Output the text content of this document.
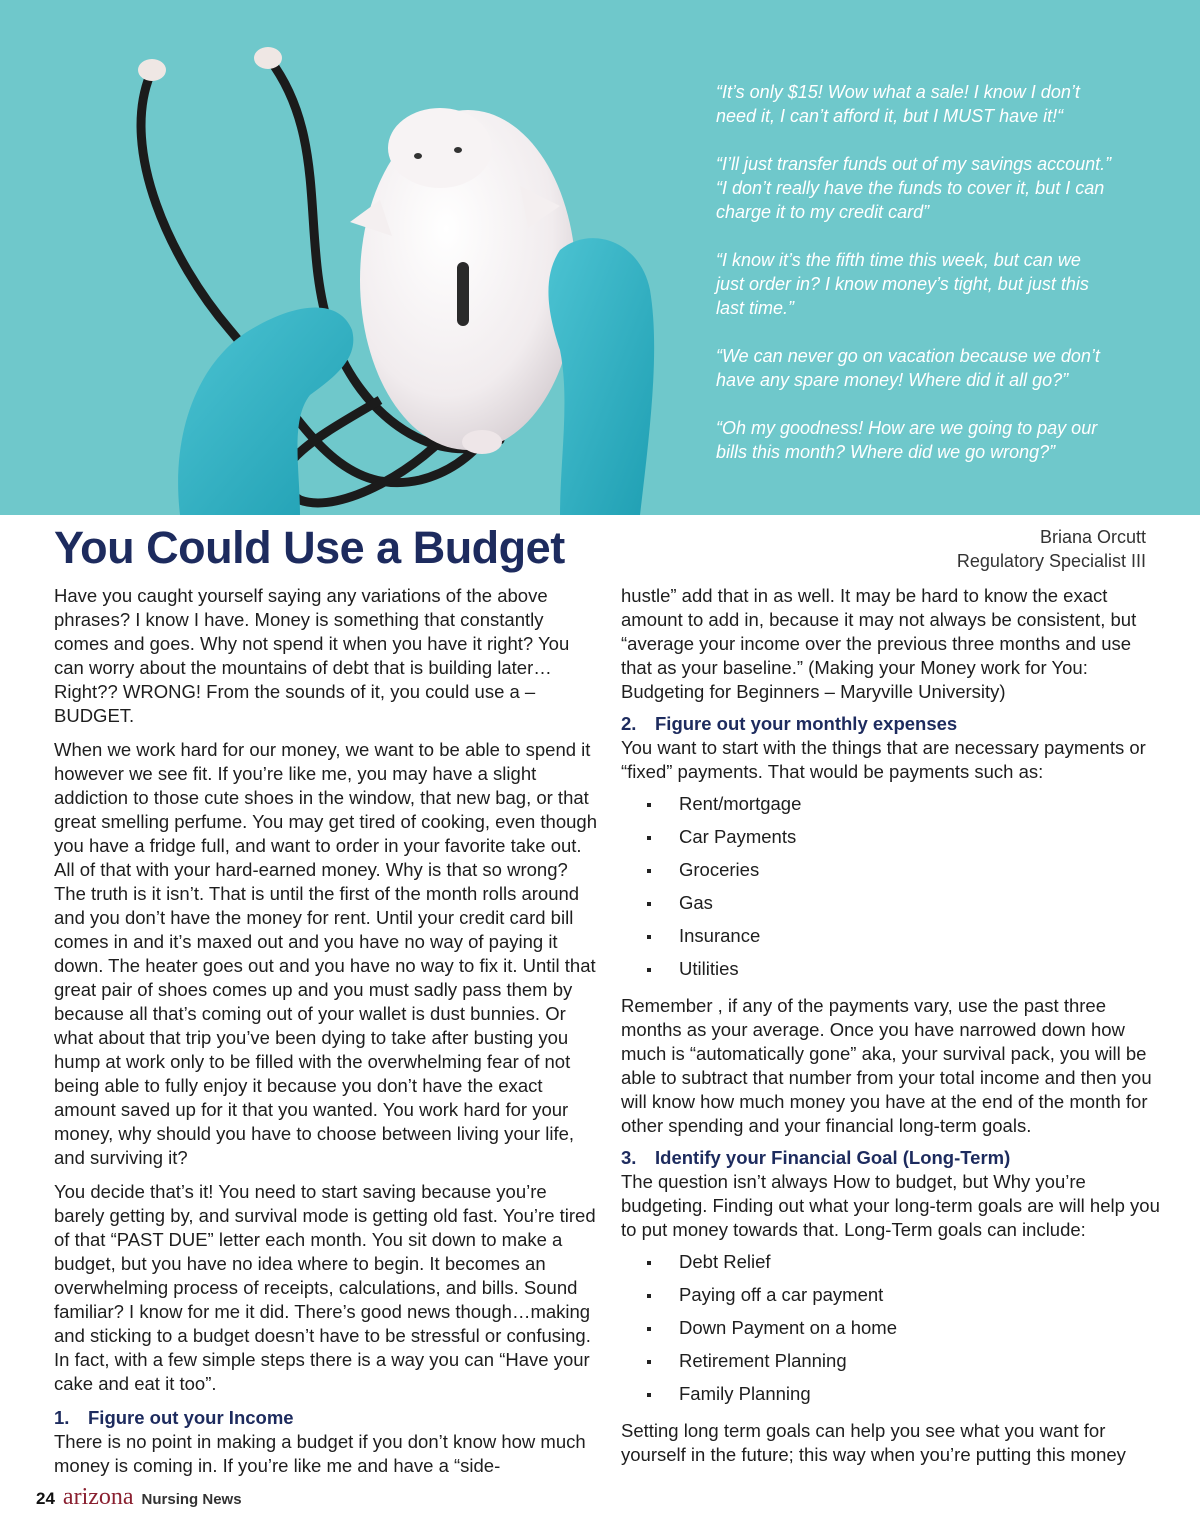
“It’s only $15! Wow what a sale! I know I don’t
need it, I can’t afford it, but I MUST have it!“
“I’ll just transfer funds out of my savings account.”
“I don’t really have the funds to cover it, but I can
charge it to my credit card”
“I know it’s the fifth time this week, but can we
just order in? I know money’s tight, but just this
last time.”
“We can never go on vacation because we don’t
have any spare money! Where did it all go?”
“Oh my goodness! How are we going to pay our
bills this month? Where did we go wrong?”
You Could Use a Budget	Briana Orcutt
Regulatory Specialist III

Have you caught yourself saying any variations of the above phrases? I know I have. Money is something that constantly comes and goes. Why not spend it when you have it right? You can worry about the mountains of debt that is building later… Right?? WRONG! From the sounds of it, you could use a – BUDGET.

When we work hard for our money, we want to be able to spend it however we see fit. If you’re like me, you may have a slight addiction to those cute shoes in the window, that new bag, or that great smelling perfume. You may get tired of cooking, even though you have a fridge full, and want to order in your favorite take out. All of that with your hard-earned money. Why is that so wrong? The truth is it isn’t. That is until the first of the month rolls around and you don’t have the money for rent. Until your credit card bill comes in and it’s maxed out and you have no way of paying it down. The heater goes out and you have no way to fix it. Until that great pair of shoes comes up and you must sadly pass them by because all that’s coming out of your wallet is dust bunnies. Or what about that trip you’ve been dying to take after busting you hump at work only to be filled with the overwhelming fear of not being able to fully enjoy it because you don’t have the exact amount saved up for it that you wanted. You work hard for your money, why should you have to choose between living your life, and surviving it?

You decide that’s it! You need to start saving because you’re barely getting by, and survival mode is getting old fast. You’re tired of that “PAST DUE” letter each month. You sit down to make a budget, but you have no idea where to begin. It becomes an overwhelming process of receipts, calculations, and bills. Sound familiar? I know for me it did. There’s good news though…making and sticking to a budget doesn’t have to be stressful or confusing. In fact, with a few simple steps there is a way you can “Have your cake and eat it too”.

1.	Figure out your Income

There is no point in making a budget if you don’t know how much money is coming in. If you’re like me and have a “side-

hustle” add that in as well. It may be hard to know the exact amount to add in, because it may not always be consistent, but “average your income over the previous three months and use that as your baseline.” (Making your Money work for You: Budgeting for Beginners – Maryville University)

2.	Figure out your monthly expenses

You want to start with the things that are necessary payments or “fixed” payments. That would be payments such as:

Rent/mortgage
Car Payments
Groceries
Gas
Insurance
Utilities

Remember , if any of the payments vary, use the past three months as your average. Once you have narrowed down how much is “automatically gone” aka, your survival pack, you will be able to subtract that number from your total income and then you will know how much money you have at the end of the month for other spending and your financial long-term goals.

3.	Identify your Financial Goal (Long-Term)

The question isn’t always How to budget, but Why you’re budgeting. Finding out what your long-term goals are will help you to put money towards that. Long-Term goals can include:

Debt Relief
Paying off a car payment
Down Payment on a home
Retirement Planning
Family Planning

Setting long term goals can help you see what you want for yourself in the future; this way when you’re putting this money

24 arizona Nursing News
